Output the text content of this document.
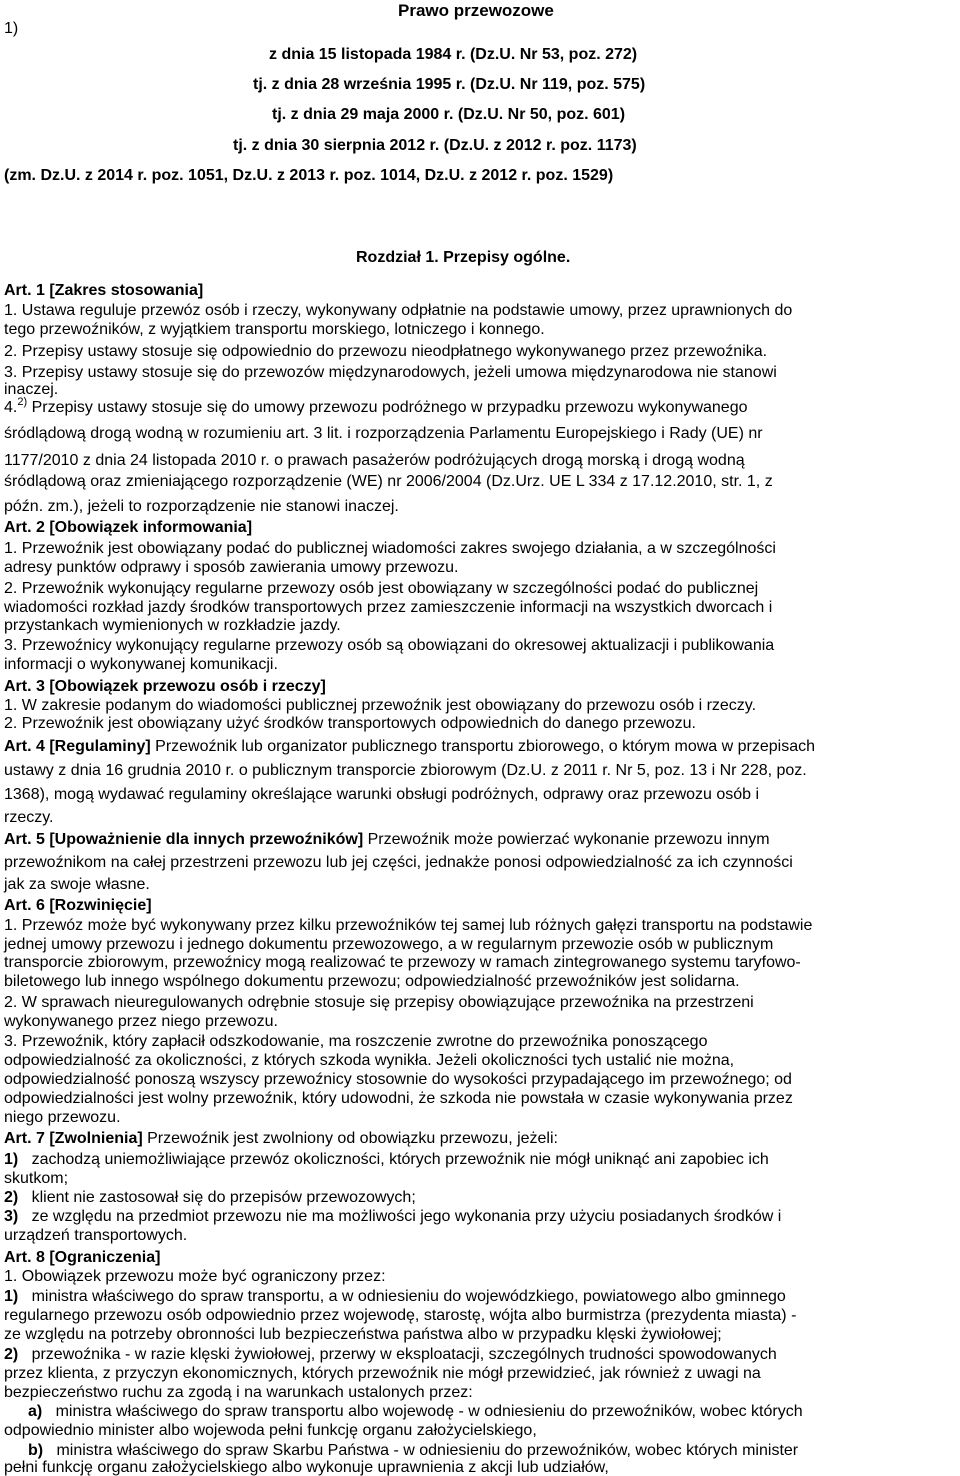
1)
Prawo przewozowe
z dnia 15 listopada 1984 r. (Dz.U. Nr 53, poz. 272)
tj. z dnia 28 września 1995 r. (Dz.U. Nr 119, poz. 575)
tj. z dnia 29 maja 2000 r. (Dz.U. Nr 50, poz. 601)
tj. z dnia 30 sierpnia 2012 r. (Dz.U. z 2012 r. poz. 1173)
(zm. Dz.U. z 2014 r. poz. 1051, Dz.U. z 2013 r. poz. 1014, Dz.U. z 2012 r. poz. 1529)
Rozdział 1. Przepisy ogólne.
Art. 1 [Zakres stosowania]
1. Ustawa reguluje przewóz osób i rzeczy, wykonywany odpłatnie na podstawie umowy, przez uprawnionych do
tego przewoźników, z wyjątkiem transportu morskiego, lotniczego i konnego.
2. Przepisy ustawy stosuje się odpowiednio do przewozu nieodpłatnego wykonywanego przez przewoźnika.
3. Przepisy ustawy stosuje się do przewozów międzynarodowych, jeżeli umowa międzynarodowa nie stanowi
inaczej.
4.$^{2)}$ Przepisy ustawy stosuje się do umowy przewozu podróżnego w przypadku przewozu wykonywanego
śródlądową drogą wodną w rozumieniu art. 3 lit. i rozporządzenia Parlamentu Europejskiego i Rady (UE) nr
1177/2010 z dnia 24 listopada 2010 r. o prawach pasażerów podróżujących drogą morską i drogą wodną
śródlądową oraz zmieniającego rozporządzenie (WE) nr 2006/2004 (Dz.Urz. UE L 334 z 17.12.2010, str. 1, z
późn. zm.), jeżeli to rozporządzenie nie stanowi inaczej.
Art. 2 [Obowiązek informowania]
1. Przewoźnik jest obowiązany podać do publicznej wiadomości zakres swojego działania, a w szczególności
adresy punktów odprawy i sposób zawierania umowy przewozu.
2. Przewoźnik wykonujący regularne przewozy osób jest obowiązany w szczególności podać do publicznej
wiadomości rozkład jazdy środków transportowych przez zamieszczenie informacji na wszystkich dworcach i
przystankach wymienionych w rozkładzie jazdy.
3. Przewoźnicy wykonujący regularne przewozy osób są obowiązani do okresowej aktualizacji i publikowania
informacji o wykonywanej komunikacji.
Art. 3 [Obowiązek przewozu osób i rzeczy]
1. W zakresie podanym do wiadomości publicznej przewoźnik jest obowiązany do przewozu osób i rzeczy.
2. Przewoźnik jest obowiązany użyć środków transportowych odpowiednich do danego przewozu.
Art. 4 [Regulaminy] Przewoźnik lub organizator publicznego transportu zbiorowego, o którym mowa w przepisach
ustawy z dnia 16 grudnia 2010 r. o publicznym transporcie zbiorowym (Dz.U. z 2011 r. Nr 5, poz. 13 i Nr 228, poz.
1368), mogą wydawać regulaminy określające warunki obsługi podróżnych, odprawy oraz przewozu osób i
rzeczy.
Art. 5 [Upoważnienie dla innych przewoźników] Przewoźnik może powierzać wykonanie przewozu innym
przewoźnikom na całej przestrzeni przewozu lub jej części, jednakże ponosi odpowiedzialność za ich czynności
jak za swoje własne.
Art. 6 [Rozwinięcie]
1. Przewóz może być wykonywany przez kilku przewoźników tej samej lub różnych gałęzi transportu na podstawie
jednej umowy przewozu i jednego dokumentu przewozowego, a w regularnym przewozie osób w publicznym
transporcie zbiorowym, przewoźnicy mogą realizować te przewozy w ramach zintegrowanego systemu taryfowo-
biletowego lub innego wspólnego dokumentu przewozu; odpowiedzialność przewoźników jest solidarna.
2. W sprawach nieuregulowanych odrębnie stosuje się przepisy obowiązujące przewoźnika na przestrzeni
wykonywanego przez niego przewozu.
3. Przewoźnik, który zapłacił odszkodowanie, ma roszczenie zwrotne do przewoźnika ponoszącego
odpowiedzialność za okoliczności, z których szkoda wynikła. Jeżeli okoliczności tych ustalić nie można,
odpowiedzialność ponoszą wszyscy przewoźnicy stosownie do wysokości przypadającego im przewoźnego; od
odpowiedzialności jest wolny przewoźnik, który udowodni, że szkoda nie powstała w czasie wykonywania przez
niego przewozu.
Art. 7 [Zwolnienia] Przewoźnik jest zwolniony od obowiązku przewozu, jeżeli:
1) zachodzą uniemożliwiające przewóz okoliczności, których przewoźnik nie mógł uniknąć ani zapobiec ich
skutkom;
2) klient nie zastosował się do przepisów przewozowych;
3) ze względu na przedmiot przewozu nie ma możliwości jego wykonania przy użyciu posiadanych środków i
urządzeń transportowych.
Art. 8 [Ograniczenia]
1. Obowiązek przewozu może być ograniczony przez:
1) ministra właściwego do spraw transportu, a w odniesieniu do wojewódzkiego, powiatowego albo gminnego
regularnego przewozu osób odpowiednio przez wojewodę, starostę, wójta albo burmistrza (prezydenta miasta) -
ze względu na potrzeby obronności lub bezpieczeństwa państwa albo w przypadku klęski żywiołowej;
2) przewoźnika - w razie klęski żywiołowej, przerwy w eksploatacji, szczególnych trudności spowodowanych
przez klienta, z przyczyn ekonomicznych, których przewoźnik nie mógł przewidzieć, jak również z uwagi na
bezpieczeństwo ruchu za zgodą i na warunkach ustalonych przez:
a) ministra właściwego do spraw transportu albo wojewodę - w odniesieniu do przewoźników, wobec których
odpowiednio minister albo wojewoda pełni funkcję organu założycielskiego,
b) ministra właściwego do spraw Skarbu Państwa - w odniesieniu do przewoźników, wobec których minister
pełni funkcję organu założycielskiego albo wykonuje uprawnienia z akcji lub udziałów,
